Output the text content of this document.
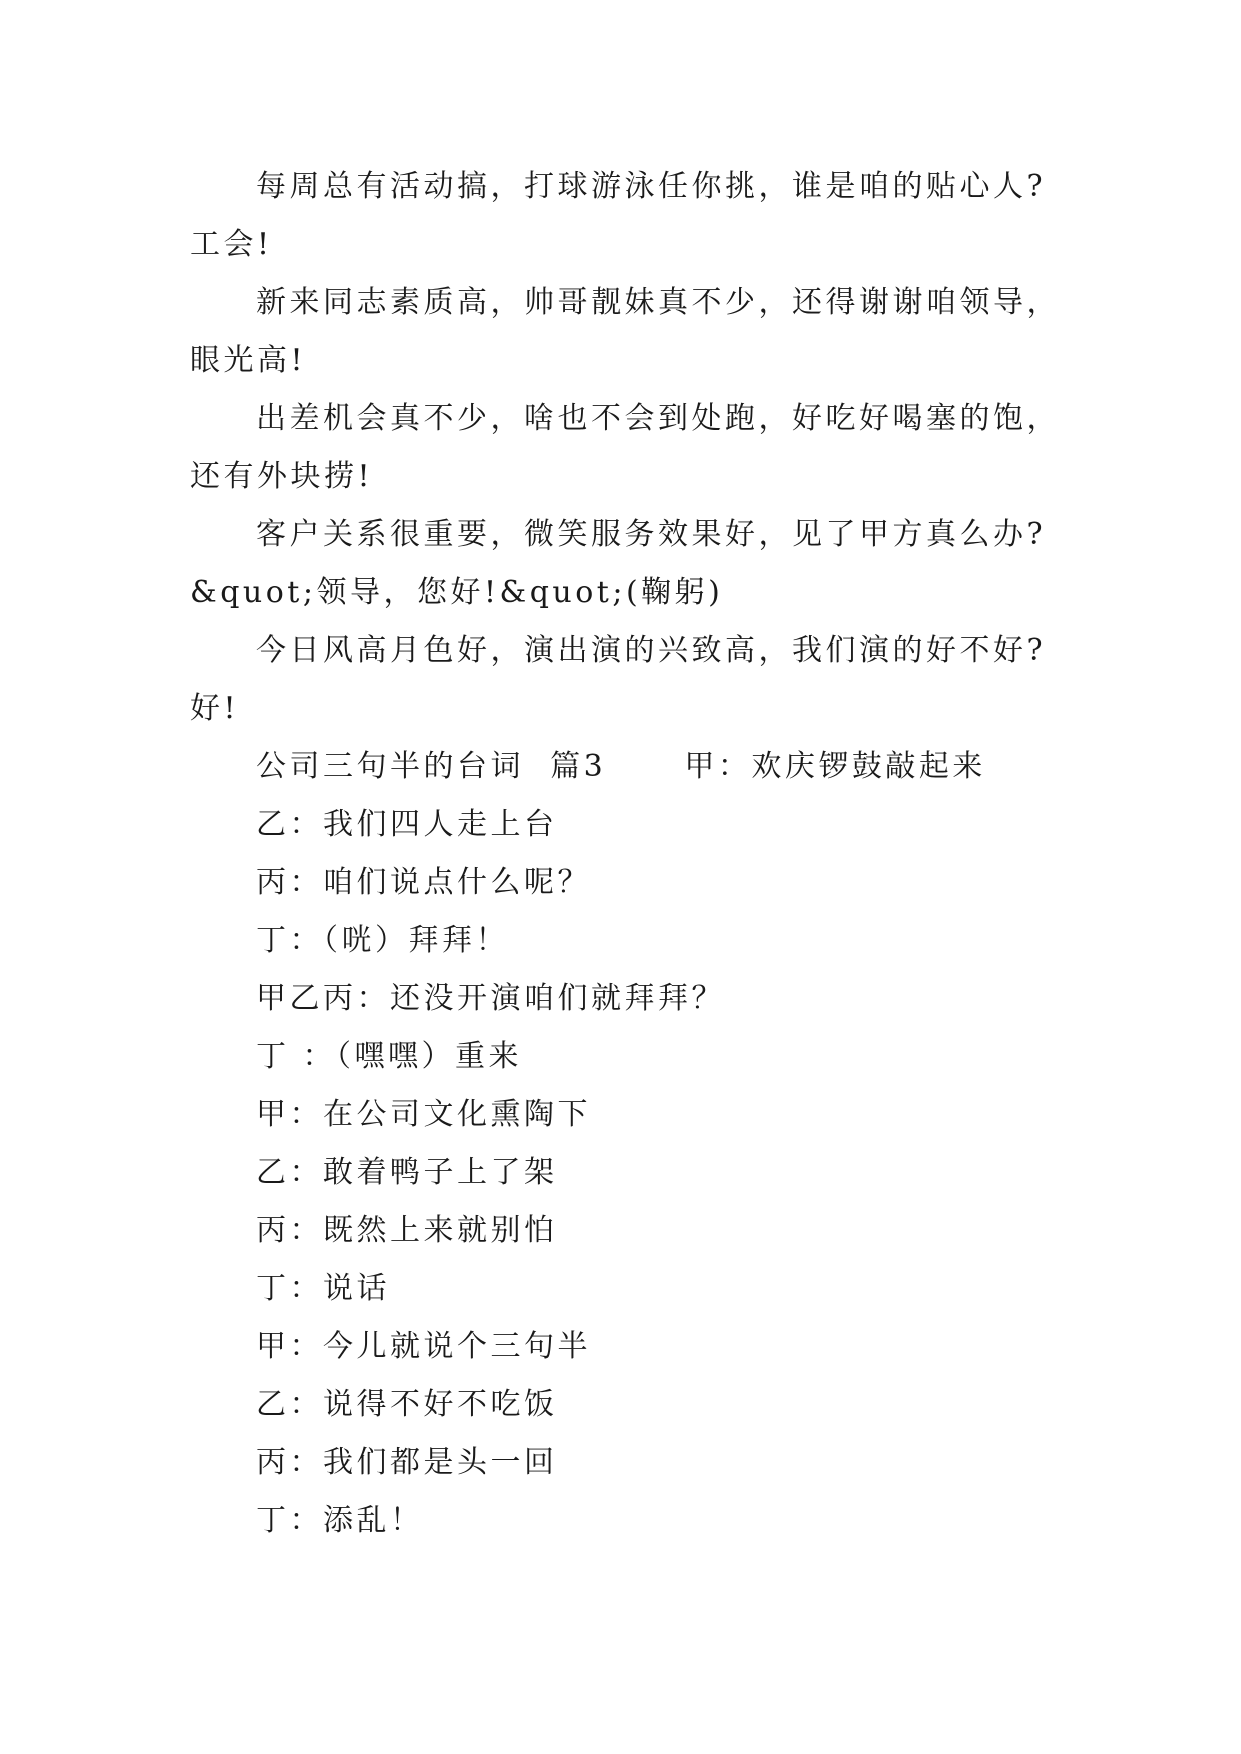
每周总有活动搞，打球游泳任你挑，谁是咱的贴心人?工会!

新来同志素质高，帅哥靓妹真不少，还得谢谢咱领导，眼光高!

出差机会真不少，啥也不会到处跑，好吃好喝塞的饱，还有外块捞!

客户关系很重要，微笑服务效果好，见了甲方真么办?&quot;领导，您好!&quot;(鞠躬)

今日风高月色好，演出演的兴致高，我们演的好不好?好!

公司三句半的台词  篇3      甲：欢庆锣鼓敲起来

乙：我们四人走上台

丙：咱们说点什么呢？

丁：（咣）拜拜！

甲乙丙：还没开演咱们就拜拜？

丁 ：（嘿嘿）重来

甲：在公司文化熏陶下

乙：敢着鸭子上了架

丙：既然上来就别怕

丁：说话

甲：今儿就说个三句半

乙：说得不好不吃饭

丙：我们都是头一回

丁：添乱！
